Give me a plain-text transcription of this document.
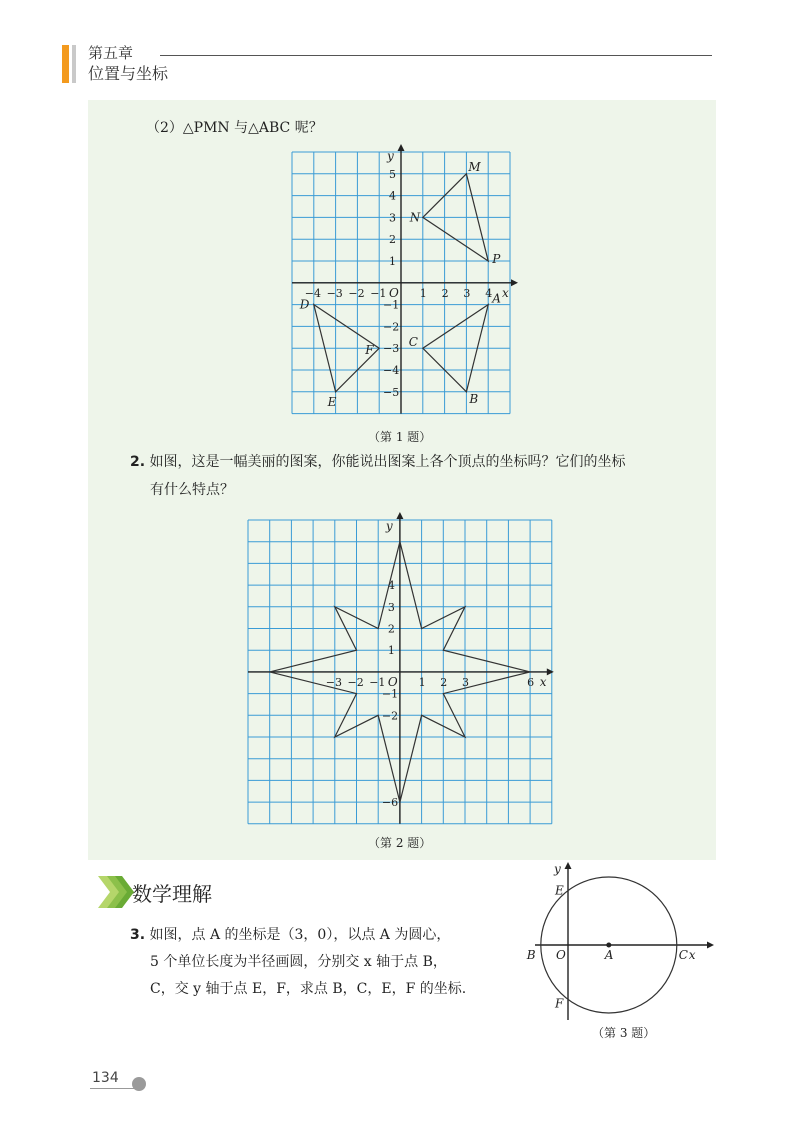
第五章
位置与坐标
（2）△PMN 与△ABC 呢？
x
y
O
−4 −3 −2 −1	1 2 3 4
5
4
3
2
1
−1
−2
−3
−4
−5
M
N
P
A
B
C
D
E
F
（第 1 题）
2. 如图，这是一幅美丽的图案，你能说出图案上各个顶点的坐标吗？它们的坐标
有什么特点？
x
y
O
−3 −2 −1	1 2 3	6
4
3
2
1
−1
−2
−6
（第 2 题）
数学理解
3. 如图，点 A 的坐标是（3，0），以点 A 为圆心，
5 个单位长度为半径画圆，分别交 x 轴于点 B，
C，交 y 轴于点 E，F，求点 B，C，E，F 的坐标.
y
E
B O	A	C x
F
（第 3 题）
134
